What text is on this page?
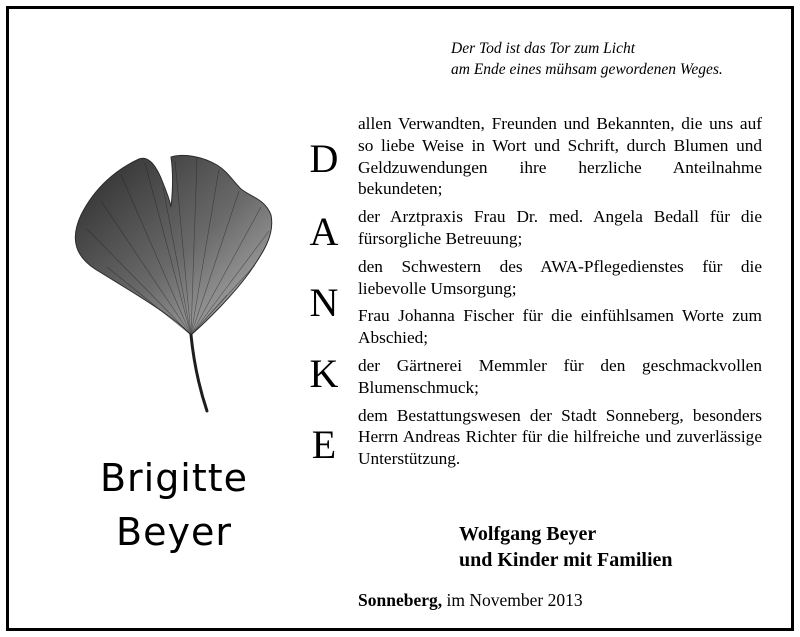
Der Tod ist das Tor zum Licht
am Ende eines mühsam gewordenen Weges.
Brigitte
Beyer
D
A
N
K
E

allen Verwandten, Freunden und Bekannten, die uns auf so liebe Weise in Wort und Schrift, durch Blumen und Geldzuwendungen ihre herzliche Anteilnahme bekundeten;

der Arztpraxis Frau Dr. med. Angela Bedall für die fürsorgliche Betreuung;

den Schwestern des AWA-Pflegedienstes für die liebevolle Umsorgung;

Frau Johanna Fischer für die einfühlsamen Worte zum Abschied;

der Gärtnerei Memmler für den geschmackvollen Blumenschmuck;

dem Bestattungswesen der Stadt Sonneberg, besonders Herrn Andreas Richter für die hilfreiche und zuverlässige Unterstützung.

Wolfgang Beyer
und Kinder mit Familien
Sonneberg, im November 2013
